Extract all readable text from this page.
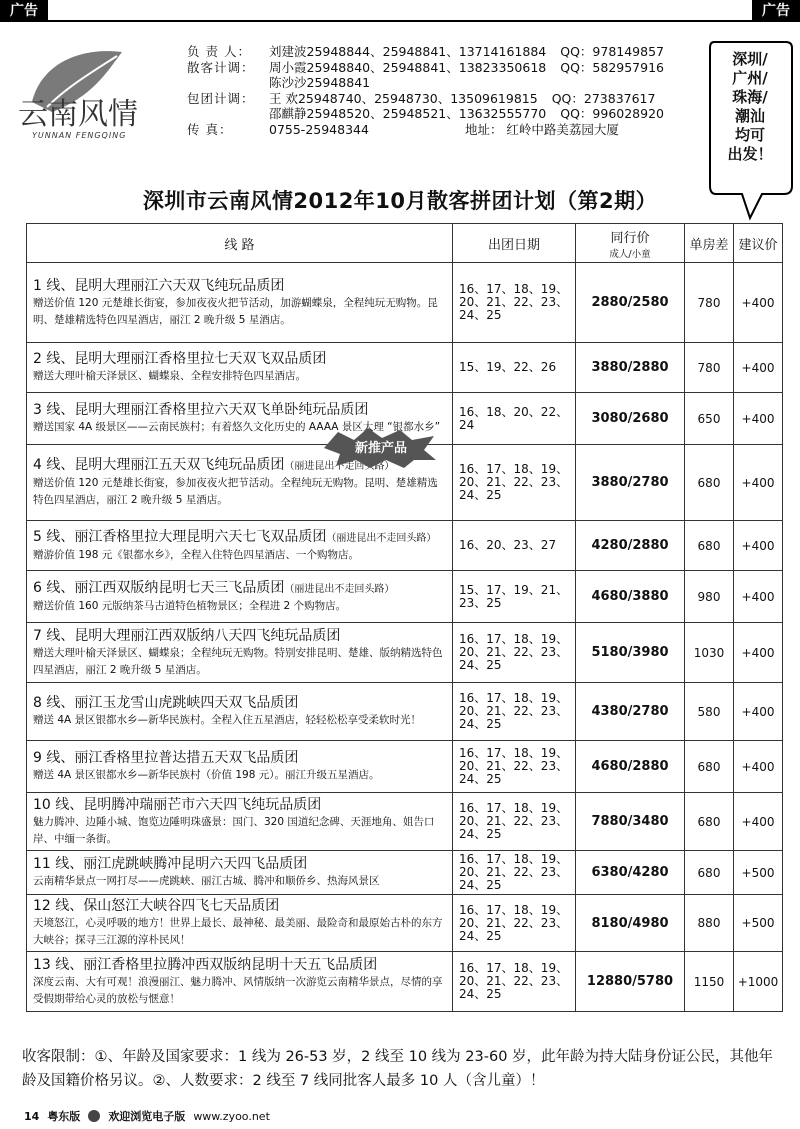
广告	广告
云南风情
YUNNAN FENGQING
负 责 人：	刘建波25948844、25948841、13714161884 QQ：978149857
散客计调：	周小霞25948840、25948841、13823350618 QQ：582957916
陈沙沙25948841
包团计调：	王 欢25948740、25948730、13509619815 QQ：273837617
邵麒静25948520、25948521、13632555770 QQ：996028920
传 真：	0755-25948344	地址： 红岭中路美荔园大厦
深圳/
广州/
珠海/
潮汕
均可
出发！
深圳市云南风情2012年10月散客拼团计划（第2期）
线 路	出团日期	同行价
成人/小童	单房差	建议价
1 线、昆明大理丽江六天双飞纯玩品质团
赠送价值 120 元楚雄长街宴，参加夜夜火把节活动，加游蝴蝶泉，全程纯玩无购物。昆明、楚雄精选特色四星酒店，丽江 2 晚升级 5 星酒店。	16、17、18、19、20、21、22、23、24、25	2880/2580	780	+400
2 线、昆明大理丽江香格里拉七天双飞双品质团
赠送大理叶榆天泽景区、蝴蝶泉、全程安排特色四星酒店。	15、19、22、26	3880/2880	780	+400
3 线、昆明大理丽江香格里拉六天双飞单卧纯玩品质团
赠送国家 4A 级景区——云南民族村；有着悠久文化历史的 AAAA 景区大理 “银都水乡”	16、18、20、22、24	3080/2680	650	+400
4 线、昆明大理丽江五天双飞纯玩品质团（丽进昆出不走回头路）
赠送价值 120 元楚雄长街宴，参加夜夜火把节活动。全程纯玩无购物。昆明、楚雄精选特色四星酒店，丽江 2 晚升级 5 星酒店。	16、17、18、19、20、21、22、23、24、25	3880/2780	680	+400
5 线、丽江香格里拉大理昆明六天七飞双品质团（丽进昆出不走回头路）
赠游价值 198 元《银都水乡》，全程入住特色四星酒店、一个购物店。	16、20、23、27	4280/2880	680	+400
6 线、丽江西双版纳昆明七天三飞品质团（丽进昆出不走回头路）
赠送价值 160 元版纳茶马古道特色植物景区；全程进 2 个购物店。	15、17、19、21、23、25	4680/3880	980	+400
7 线、昆明大理丽江西双版纳八天四飞纯玩品质团
赠送大理叶榆天泽景区、蝴蝶泉；全程纯玩无购物。特别安排昆明、楚雄、版纳精选特色四星酒店，丽江 2 晚升级 5 星酒店。	16、17、18、19、20、21、22、23、24、25	5180/3980	1030	+400
8 线、丽江玉龙雪山虎跳峡四天双飞品质团
赠送 4A 景区银都水乡—新华民族村。全程入住五星酒店，轻轻松松享受柔软时光！	16、17、18、19、20、21、22、23、24、25	4380/2780	580	+400
9 线、丽江香格里拉普达措五天双飞品质团
赠送 4A 景区银都水乡—新华民族村（价值 198 元）。丽江升级五星酒店。	16、17、18、19、20、21、22、23、24、25	4680/2880	680	+400
10 线、昆明腾冲瑞丽芒市六天四飞纯玩品质团
魅力腾冲、边陲小城、饱览边陲明珠盛景：国门、320 国道纪念碑、天涯地角、姐告口岸、中缅一条街。	16、17、18、19、20、21、22、23、24、25	7880/3480	680	+400
11 线、丽江虎跳峡腾冲昆明六天四飞品质团
云南精华景点一网打尽——虎跳峡、丽江古城、腾冲和顺侨乡、热海风景区	16、17、18、19、20、21、22、23、24、25	6380/4280	680	+500
12 线、保山怒江大峡谷四飞七天品质团
天境怒江，心灵呼吸的地方！世界上最长、最神秘、最美丽、最险奇和最原始古朴的东方大峡谷；探寻三江源的淳朴民风！	16、17、18、19、20、21、22、23、24、25	8180/4980	880	+500
13 线、丽江香格里拉腾冲西双版纳昆明十天五飞品质团
深度云南、大有可观！浪漫丽江、魅力腾冲、风情版纳一次游览云南精华景点，尽情的享受假期带给心灵的放松与惬意！	16、17、18、19、20、21、22、23、24、25	12880/5780	1150	+1000
新推产品
收客限制：①、年龄及国家要求：1 线为 26-53 岁，2 线至 10 线为 23-60 岁，此年龄为持大陆身份证公民，其他年龄及国籍价格另议。②、人数要求：2 线至 7 线同批客人最多 10 人（含儿童）！
14 粤东版	欢迎浏览电子版 www.zyoo.net
